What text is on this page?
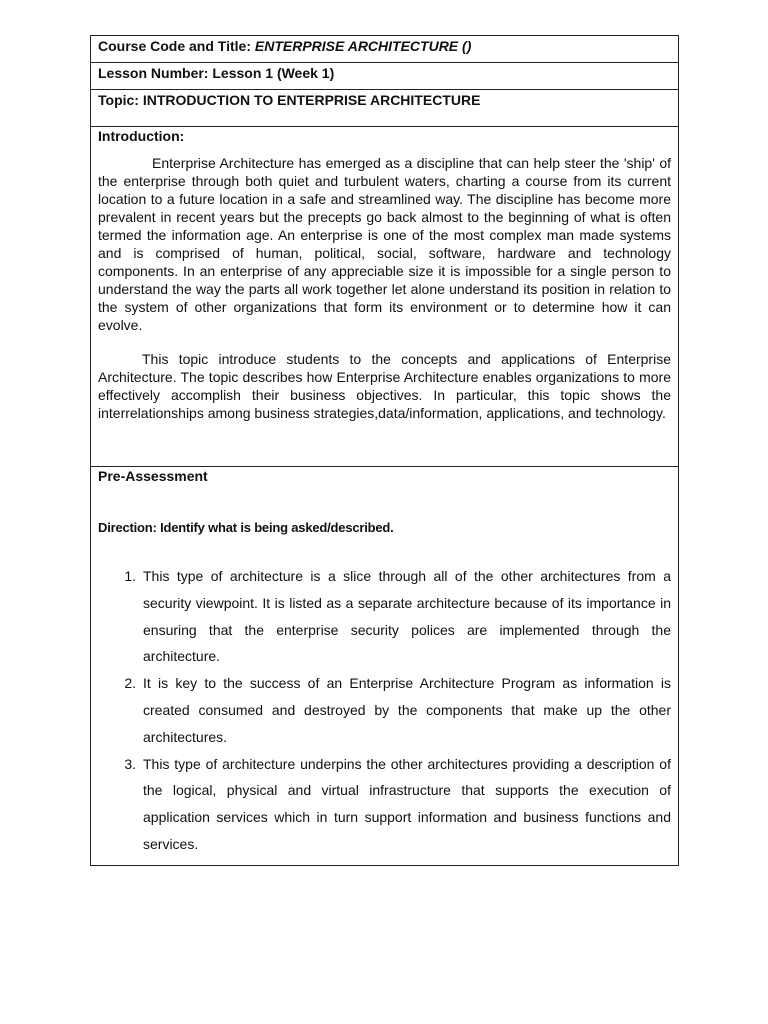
Course Code and Title: ENTERPRISE ARCHITECTURE ()
Lesson Number: Lesson 1 (Week 1)
Topic: INTRODUCTION TO ENTERPRISE ARCHITECTURE
Introduction:

Enterprise Architecture has emerged as a discipline that can help steer the 'ship' of the enterprise through both quiet and turbulent waters, charting a course from its current location to a future location in a safe and streamlined way. The discipline has become more prevalent in recent years but the precepts go back almost to the beginning of what is often termed the information age. An enterprise is one of the most complex man made systems and is comprised of human, political, social, software, hardware and technology components. In an enterprise of any appreciable size it is impossible for a single person to understand the way the parts all work together let alone understand its position in relation to the system of other organizations that form its environment or to determine how it can evolve.

This topic introduce students to the concepts and applications of Enterprise Architecture. The topic describes how Enterprise Architecture enables organizations to more effectively accomplish their business objectives. In particular, this topic shows the interrelationships among business strategies,data/information, applications, and technology.

Pre-Assessment
Direction: Identify what is being asked/described.
1. This type of architecture is a slice through all of the other architectures from a security viewpoint. It is listed as a separate architecture because of its importance in ensuring that the enterprise security polices are implemented through the architecture.
2. It is key to the success of an Enterprise Architecture Program as information is created consumed and destroyed by the components that make up the other architectures.
3. This type of architecture underpins the other architectures providing a description of the logical, physical and virtual infrastructure that supports the execution of application services which in turn support information and business functions and services.
